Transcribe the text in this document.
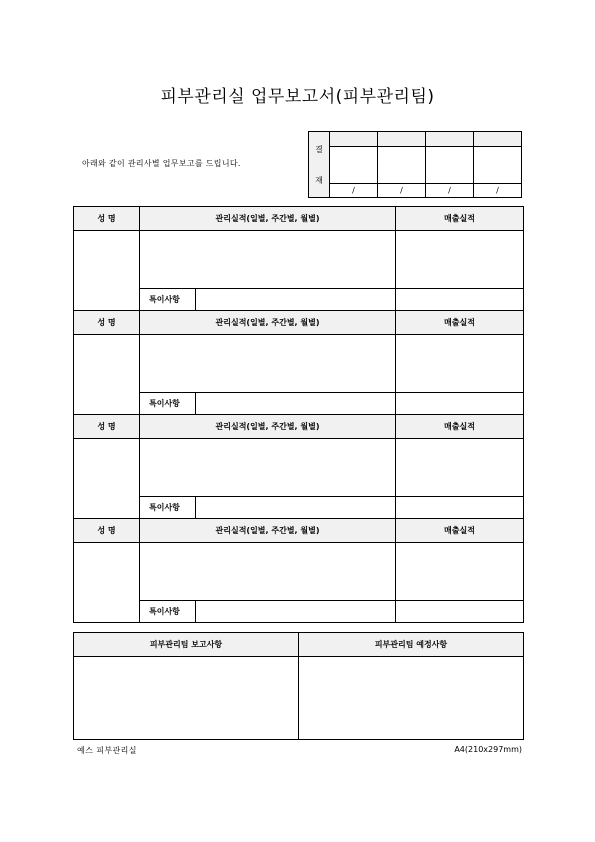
피부관리실 업무보고서(피부관리팀)
아래와 같이 관리사별 업무보고를 드립니다.
결
재				

	/	/	/	/
성 명	관리실적(일별, 주간별, 월별)		매출실적

	특이사항		
성 명	관리실적(일별, 주간별, 월별)		매출실적

	특이사항		
성 명	관리실적(일별, 주간별, 월별)		매출실적

	특이사항		
성 명	관리실적(일별, 주간별, 월별)		매출실적

	특이사항		
피부관리팀 보고사항	피부관리팀 예정사항

예스 피부관리실	A4(210x297mm)
